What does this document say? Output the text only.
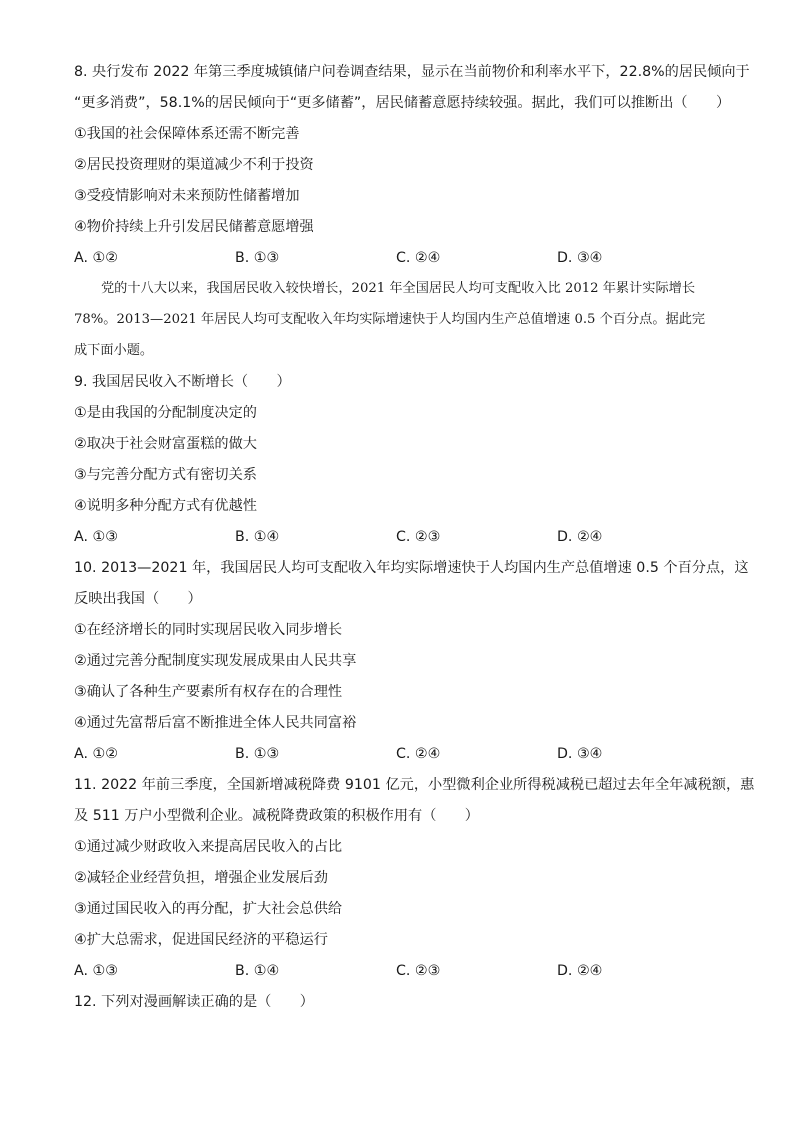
8. 央行发布 2022 年第三季度城镇储户问卷调查结果，显示在当前物价和利率水平下，22.8%的居民倾向于
“更多消费”，58.1%的居民倾向于“更多储蓄”，居民储蓄意愿持续较强。据此，我们可以推断出（　　）
①我国的社会保障体系还需不断完善
②居民投资理财的渠道减少不利于投资
③受疫情影响对未来预防性储蓄增加
④物价持续上升引发居民储蓄意愿增强
A. ①②	B. ①③	C. ②④	D. ③④
党的十八大以来，我国居民收入较快增长，2021 年全国居民人均可支配收入比 2012 年累计实际增长
78%。2013—2021 年居民人均可支配收入年均实际增速快于人均国内生产总值增速 0.5 个百分点。据此完
成下面小题。
9. 我国居民收入不断增长（　　）
①是由我国的分配制度决定的
②取决于社会财富蛋糕的做大
③与完善分配方式有密切关系
④说明多种分配方式有优越性
A. ①③	B. ①④	C. ②③	D. ②④
10. 2013—2021 年，我国居民人均可支配收入年均实际增速快于人均国内生产总值增速 0.5 个百分点，这
反映出我国（　　）
①在经济增长的同时实现居民收入同步增长
②通过完善分配制度实现发展成果由人民共享
③确认了各种生产要素所有权存在的合理性
④通过先富帮后富不断推进全体人民共同富裕
A. ①②	B. ①③	C. ②④	D. ③④
11. 2022 年前三季度，全国新增减税降费 9101 亿元，小型微利企业所得税减税已超过去年全年减税额，惠
及 511 万户小型微利企业。减税降费政策的积极作用有（　　）
①通过减少财政收入来提高居民收入的占比
②减轻企业经营负担，增强企业发展后劲
③通过国民收入的再分配，扩大社会总供给
④扩大总需求，促进国民经济的平稳运行
A. ①③	B. ①④	C. ②③	D. ②④
12. 下列对漫画解读正确的是（　　）
